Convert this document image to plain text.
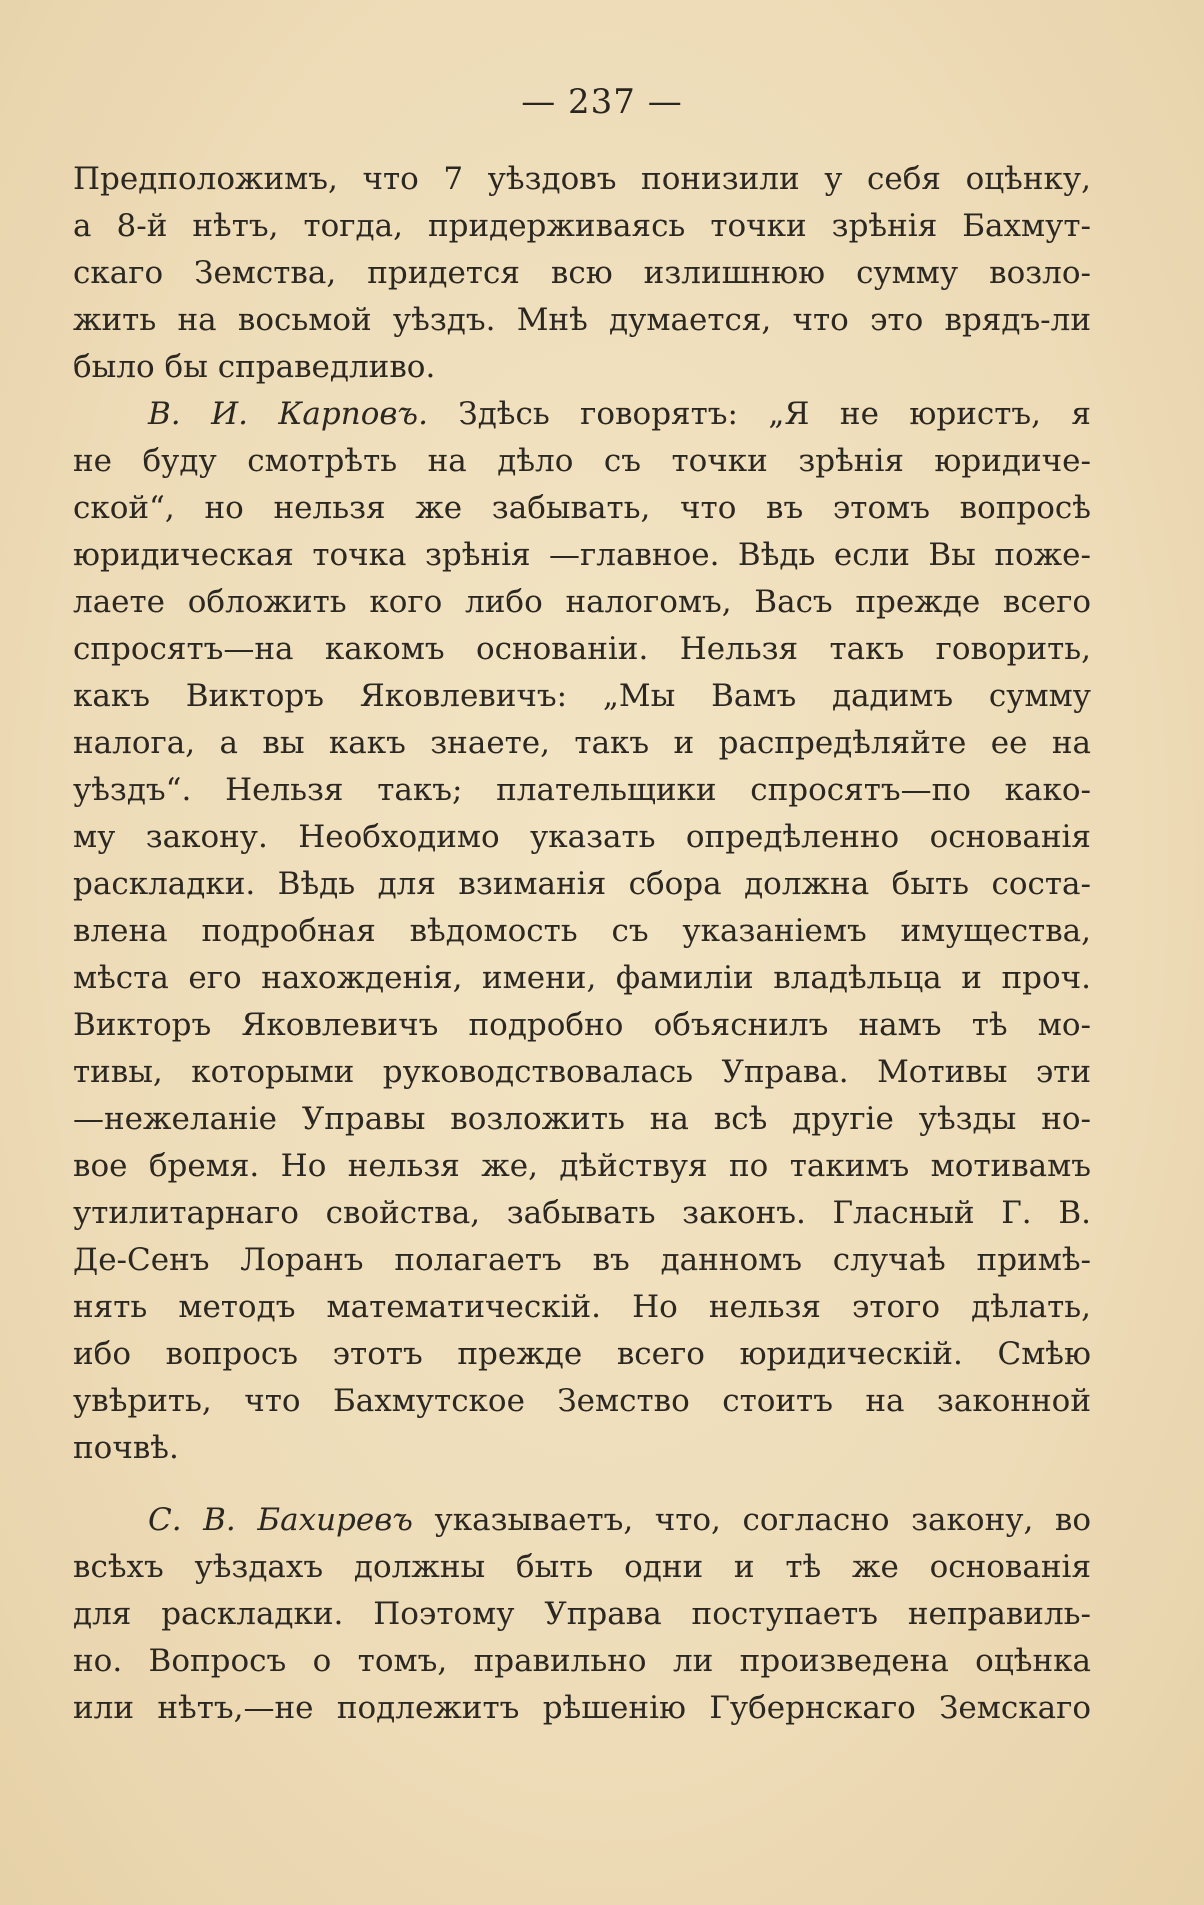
— 237 —
Предположимъ, что 7 уѣздовъ понизили у себя оцѣнку,
а 8-й нѣтъ, тогда, придерживаясь точки зрѣнія Бахмут-
скаго Земства, придется всю излишнюю сумму возло-
жить на восьмой уѣздъ. Мнѣ думается, что это врядъ-ли
было бы справедливо.
В. И. Карповъ. Здѣсь говорятъ: „Я не юристъ, я
не буду смотрѣть на дѣло съ точки зрѣнія юридиче-
ской“, но нельзя же забывать, что въ этомъ вопросѣ
юридическая точка зрѣнія —главное. Вѣдь если Вы поже-
лаете обложить кого либо налогомъ, Васъ прежде всего
спросятъ—на какомъ основаніи. Нельзя такъ говорить,
какъ Викторъ Яковлевичъ: „Мы Вамъ дадимъ сумму
налога, а вы какъ знаете, такъ и распредѣляйте ее на
уѣздъ“. Нельзя такъ; плательщики спросятъ—по како-
му закону. Необходимо указать опредѣленно основанія
раскладки. Вѣдь для взиманія сбора должна быть соста-
влена подробная вѣдомость съ указаніемъ имущества,
мѣста его нахожденія, имени, фамиліи владѣльца и проч.
Викторъ Яковлевичъ подробно объяснилъ намъ тѣ мо-
тивы, которыми руководствовалась Управа. Мотивы эти
—нежеланіе Управы возложить на всѣ другіе уѣзды но-
вое бремя. Но нельзя же, дѣйствуя по такимъ мотивамъ
утилитарнаго свойства, забывать законъ. Гласный Г. В.
Де-Сенъ Лоранъ полагаетъ въ данномъ случаѣ примѣ-
нять методъ математическій. Но нельзя этого дѣлать,
ибо вопросъ этотъ прежде всего юридическій. Смѣю
увѣрить, что Бахмутское Земство стоитъ на законной
почвѣ.
С. В. Бахиревъ указываетъ, что, согласно закону, во
всѣхъ уѣздахъ должны быть одни и тѣ же основанія
для раскладки. Поэтому Управа поступаетъ неправиль-
но. Вопросъ о томъ, правильно ли произведена оцѣнка
или нѣтъ,—не подлежитъ рѣшенію Губернскаго Земскаго
